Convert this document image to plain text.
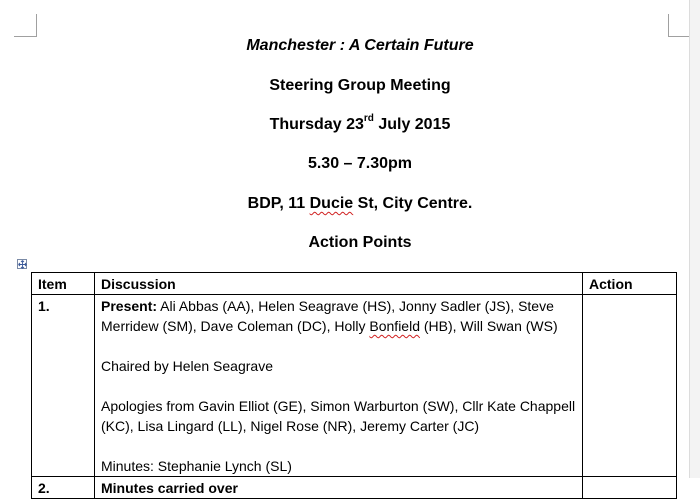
Manchester : A Certain Future
Steering Group Meeting
Thursday 23rd July 2015
5.30 – 7.30pm
BDP, 11 Ducie St, City Centre.
Action Points
Item	Discussion	Action
1.	Present: Ali Abbas (AA), Helen Seagrave (HS), Jonny Sadler (JS), Steve Merridew (SM), Dave Coleman (DC), Holly Bonfield (HB), Will Swan (WS)
Chaired by Helen Seagrave
Apologies from Gavin Elliot (GE), Simon Warburton (SW), Cllr Kate Chappell (KC), Lisa Lingard (LL), Nigel Rose (NR), Jeremy Carter (JC)
Minutes: Stephanie Lynch (SL)	

2.	Minutes carried over	
